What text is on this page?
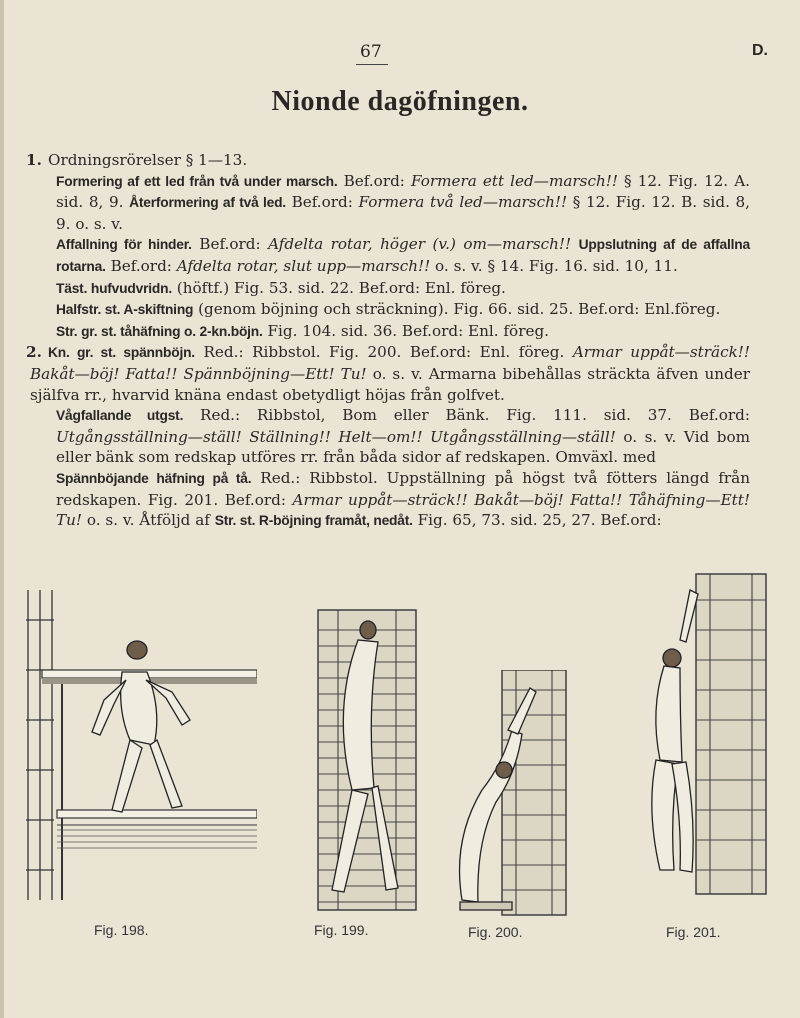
67	D.
Nionde dagöfningen.

1. Ordningsrörelser § 1—13.

Formering af ett led från två under marsch. Bef.ord: Formera ett led—marsch!! § 12. Fig. 12. A. sid. 8, 9. Återformering af två led. Bef.ord: Formera två led—marsch!! § 12. Fig. 12. B. sid. 8, 9. o. s. v.

Affallning för hinder. Bef.ord: Afdelta rotar, höger (v.) om—marsch!! Uppslutning af de affallna rotarna. Bef.ord: Afdelta rotar, slut upp—marsch!! o. s. v. § 14. Fig. 16. sid. 10, 11.

Täst. hufvudvridn. (höftf.) Fig. 53. sid. 22. Bef.ord: Enl. föreg.

Halfstr. st. A-skiftning (genom böjning och sträckning). Fig. 66. sid. 25. Bef.ord: Enl.föreg.

Str. gr. st. tåhäfning o. 2-kn.böjn. Fig. 104. sid. 36. Bef.ord: Enl. föreg.

2. Kn. gr. st. spännböjn. Red.: Ribbstol. Fig. 200. Bef.ord: Enl. föreg. Armar uppåt—sträck!! Bakåt—böj! Fatta!! Spännböjning—Ett! Tu! o. s. v. Armarna bibehållas sträckta äfven under själfva rr., hvarvid knäna endast obetydligt höjas från golfvet.

Vågfallande utgst. Red.: Ribbstol, Bom eller Bänk. Fig. 111. sid. 37. Bef.ord: Utgångsställning—ställ! Ställning!! Helt—om!! Utgångsställning—ställ! o. s. v. Vid bom eller bänk som redskap utföres rr. från båda sidor af redskapen. Omväxl. med

Spännböjande häfning på tå. Red.: Ribbstol. Uppställning på högst två fötters längd från redskapen. Fig. 201. Bef.ord: Armar uppåt—sträck!! Bakåt—böj! Fatta!! Tåhäfning—Ett! Tu! o. s. v. Åtföljd af Str. st. R-böjning framåt, nedåt. Fig. 65, 73. sid. 25, 27. Bef.ord:

Fig. 198.	Fig. 199.	Fig. 200.	Fig. 201.
